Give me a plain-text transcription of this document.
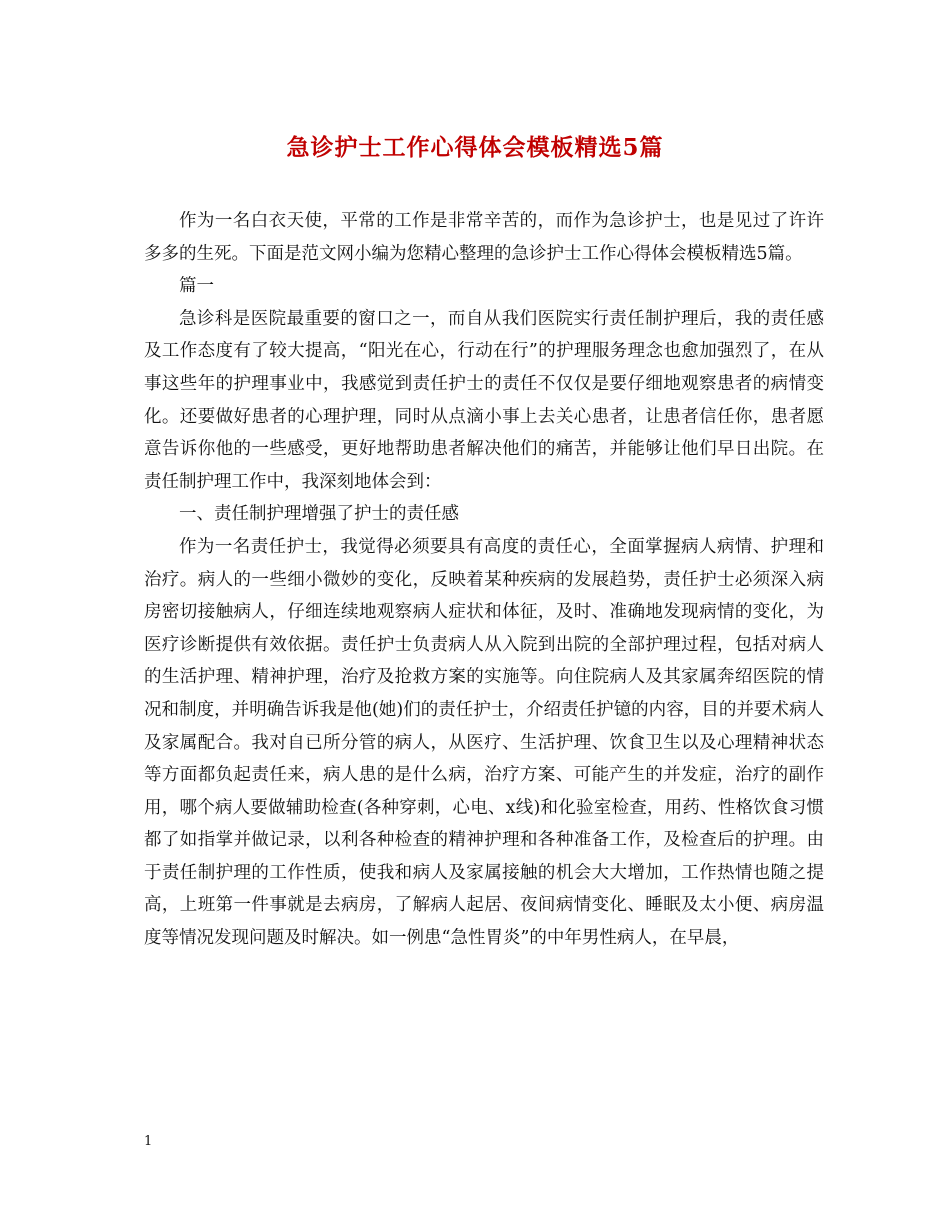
急诊护士工作心得体会模板精选5篇

作为一名白衣天使，平常的工作是非常辛苦的，而作为急诊护士，也是见过了许许多多的生死。下面是范文网小编为您精心整理的急诊护士工作心得体会模板精选5篇。

篇一

急诊科是医院最重要的窗口之一，而自从我们医院实行责任制护理后，我的责任感及工作态度有了较大提高，“阳光在心，行动在行”的护理服务理念也愈加强烈了，在从事这些年的护理事业中，我感觉到责任护士的责任不仅仅是要仔细地观察患者的病情变化。还要做好患者的心理护理，同时从点滴小事上去关心患者，让患者信任你，患者愿意告诉你他的一些感受，更好地帮助患者解决他们的痛苦，并能够让他们早日出院。在责任制护理工作中，我深刻地体会到：

一、责任制护理增强了护士的责任感

作为一名责任护士，我觉得必须要具有高度的责任心，全面掌握病人病情、护理和治疗。病人的一些细小微妙的变化，反映着某种疾病的发展趋势，责任护士必须深入病房密切接触病人，仔细连续地观察病人症状和体征，及时、准确地发现病情的变化，为医疗诊断提供有效依据。责任护士负责病人从入院到出院的全部护理过程，包括对病人的生活护理、精神护理，治疗及抢救方案的实施等。向住院病人及其家属奔绍医院的情况和制度，并明确告诉我是他(她)们的责任护士，介绍责任护镱的内容，目的并要术病人及家属配合。我对自已所分管的病人，从医疗、生活护理、饮食卫生以及心理精神状态等方面都负起责任来，病人患的是什么病，治疗方案、可能产生的并发症，治疗的副作用，哪个病人要做辅助检查(各种穿刺，心电、x线)和化验室检查，用药、性格饮食习惯都了如指掌并做记录，以利各种检查的精神护理和各种准备工作，及检查后的护理。由于责任制护理的工作性质，使我和病人及家属接触的机会大大增加，工作热情也随之提高，上班第一件事就是去病房，了解病人起居、夜间病情变化、睡眠及太小便、病房温度等情况发现问题及时解决。如一例患“急性胃炎”的中年男性病人，在早晨，

1
